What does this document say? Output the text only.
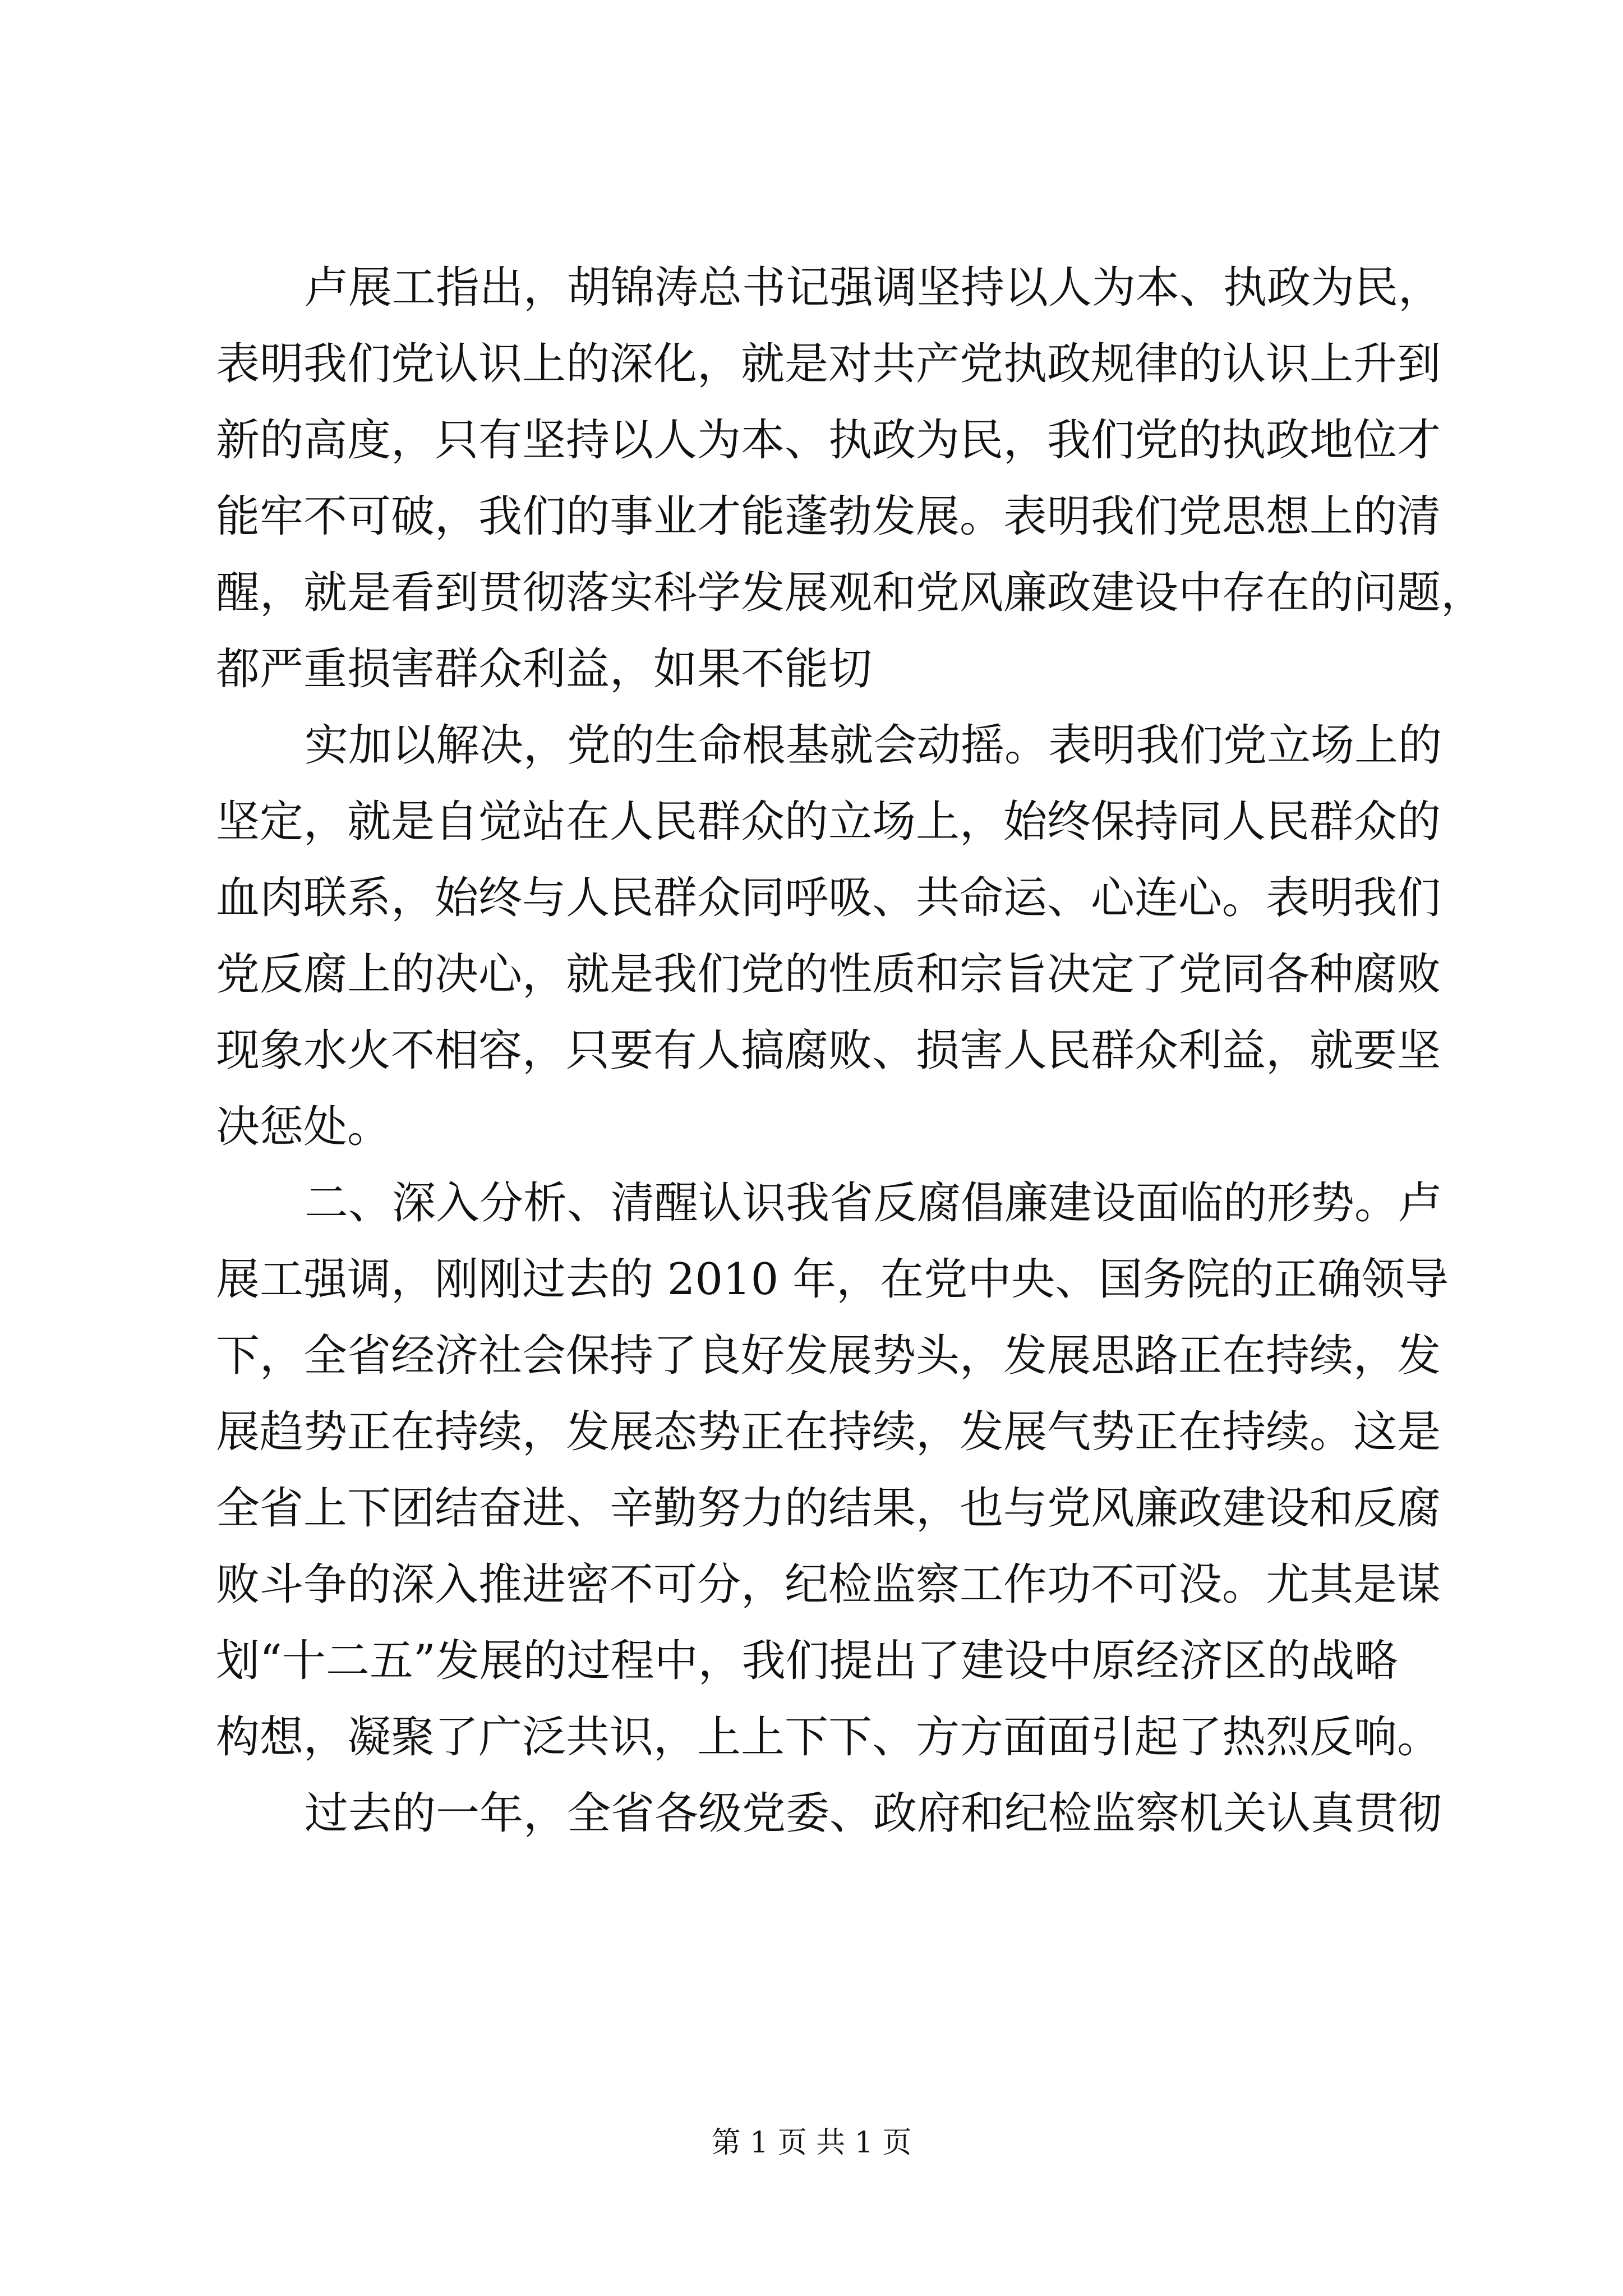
卢展工指出，胡锦涛总书记强调坚持以人为本、执政为民，
表明我们党认识上的深化，就是对共产党执政规律的认识上升到
新的高度，只有坚持以人为本、执政为民，我们党的执政地位才
能牢不可破，我们的事业才能蓬勃发展。表明我们党思想上的清
醒，就是看到贯彻落实科学发展观和党风廉政建设中存在的问题，
都严重损害群众利益，如果不能切
实加以解决，党的生命根基就会动摇。表明我们党立场上的
坚定，就是自觉站在人民群众的立场上，始终保持同人民群众的
血肉联系，始终与人民群众同呼吸、共命运、心连心。表明我们
党反腐上的决心，就是我们党的性质和宗旨决定了党同各种腐败
现象水火不相容，只要有人搞腐败、损害人民群众利益，就要坚
决惩处。
二、深入分析、清醒认识我省反腐倡廉建设面临的形势。卢
展工强调，刚刚过去的 2010 年，在党中央、国务院的正确领导
下，全省经济社会保持了良好发展势头，发展思路正在持续，发
展趋势正在持续，发展态势正在持续，发展气势正在持续。这是
全省上下团结奋进、辛勤努力的结果，也与党风廉政建设和反腐
败斗争的深入推进密不可分，纪检监察工作功不可没。尤其是谋
划“十二五”发展的过程中，我们提出了建设中原经济区的战略
构想，凝聚了广泛共识，上上下下、方方面面引起了热烈反响。
过去的一年，全省各级党委、政府和纪检监察机关认真贯彻
第 1 页 共 1 页
